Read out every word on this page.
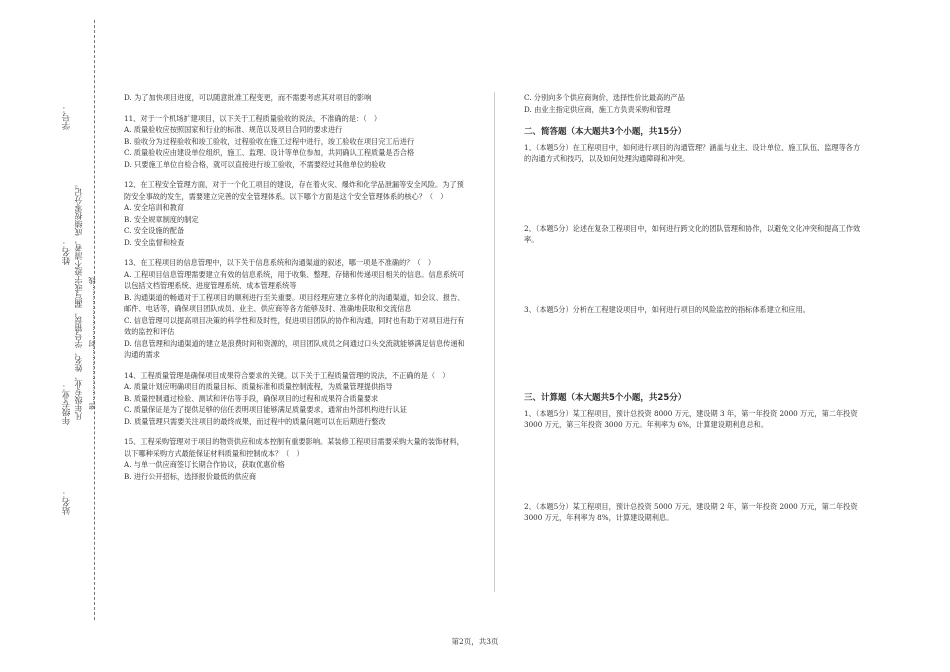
学号：
姓名：
年级专业：
站名：
凡年级专业、姓名、学号错误，漏写或字迹不清者，成绩按零分记。 密……………………封……………………线

D. 为了加快项目进度，可以随意批准工程变更，而不需要考虑其对项目的影响

11、对于一个机场扩建项目，以下关于工程质量验收的说法，不准确的是：（　）

A. 质量验收应按照国家和行业的标准、规范以及项目合同的要求进行

B. 验收分为过程验收和竣工验收，过程验收在施工过程中进行，竣工验收在项目完工后进行

C. 质量验收应由建设单位组织，施工、监理、设计等单位参加，共同确认工程质量是否合格

D. 只要施工单位自检合格，就可以直接进行竣工验收，不需要经过其他单位的验收

12、在工程安全管理方面，对于一个化工项目的建设，存在着火灾、爆炸和化学品泄漏等安全风险。为了预防安全事故的发生，需要建立完善的安全管理体系。以下哪个方面是这个安全管理体系的核心？（　）

A. 安全培训和教育

B. 安全规章制度的制定

C. 安全设施的配备

D. 安全监督和检查

13、在工程项目的信息管理中，以下关于信息系统和沟通渠道的叙述，哪一项是不准确的？（　）

A. 工程项目信息管理需要建立有效的信息系统，用于收集、整理、存储和传递项目相关的信息。信息系统可以包括文档管理系统、进度管理系统、成本管理系统等

B. 沟通渠道的畅通对于工程项目的顺利进行至关重要。项目经理应建立多样化的沟通渠道，如会议、报告、邮件、电话等，确保项目团队成员、业主、供应商等各方能够及时、准确地获取和交流信息

C. 信息管理可以提高项目决策的科学性和及时性，促进项目团队的协作和沟通，同时也有助于对项目进行有效的监控和评估

D. 信息管理和沟通渠道的建立是浪费时间和资源的，项目团队成员之间通过口头交流就能够满足信息传递和沟通的需求

14、工程质量管理是确保项目成果符合要求的关键。以下关于工程质量管理的说法，不正确的是（　）

A. 质量计划应明确项目的质量目标、质量标准和质量控制流程，为质量管理提供指导

B. 质量控制通过检验、测试和评估等手段，确保项目的过程和成果符合质量要求

C. 质量保证是为了提供足够的信任表明项目能够满足质量要求，通常由外部机构进行认证

D. 质量管理只需要关注项目的最终成果，而过程中的质量问题可以在后期进行整改

15、工程采购管理对于项目的物资供应和成本控制有重要影响。某装修工程项目需要采购大量的装饰材料，以下哪种采购方式最能保证材料质量和控制成本？（　）

A. 与单一供应商签订长期合作协议，获取优惠价格

B. 进行公开招标，选择报价最低的供应商

C. 分别向多个供应商询价，选择性价比最高的产品

D. 由业主指定供应商，施工方负责采购和管理

二、简答题（本大题共3个小题，共15分）

1、（本题5分）在工程项目中，如何进行项目的沟通管理？涵盖与业主、设计单位、施工队伍、监理等各方的沟通方式和技巧，以及如何处理沟通障碍和冲突。

2、（本题5分）论述在复杂工程项目中，如何进行跨文化的团队管理和协作，以避免文化冲突和提高工作效率。

3、（本题5分）分析在工程建设项目中，如何进行项目的风险监控的指标体系建立和应用。

三、计算题（本大题共5个小题，共25分）

1、（本题5分）某工程项目，预计总投资 8000 万元，建设期 3 年，第一年投资 2000 万元，第二年投资 3000 万元，第三年投资 3000 万元。年利率为 6%，计算建设期利息总和。

2、（本题5分）某工程项目，预计总投资 5000 万元，建设期 2 年，第一年投资 2000 万元，第二年投资 3000 万元，年利率为 8%，计算建设期利息。

第2页，共3页
